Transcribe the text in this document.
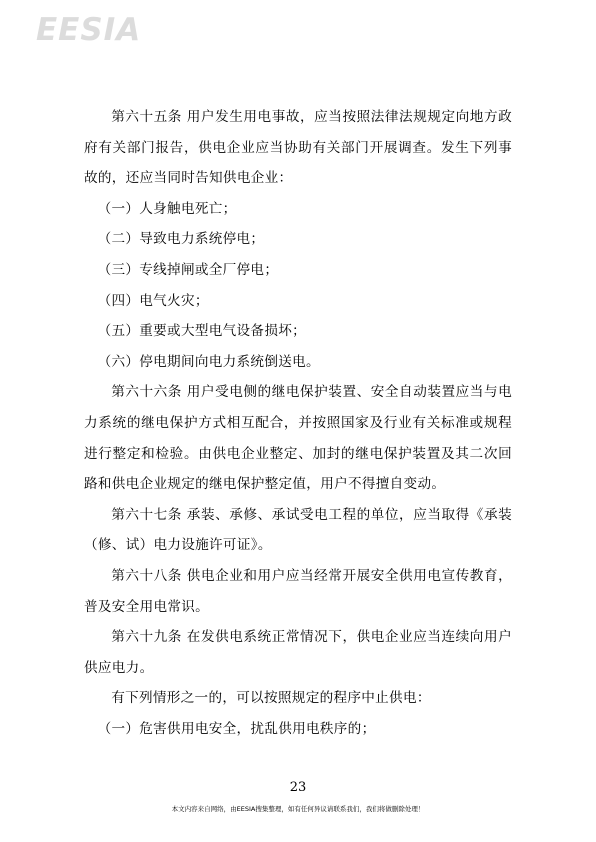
EESIA

第六十五条 用户发生用电事故，应当按照法律法规规定向地方政府有关部门报告，供电企业应当协助有关部门开展调查。发生下列事故的，还应当同时告知供电企业：

（一）人身触电死亡；

（二）导致电力系统停电；

（三）专线掉闸或全厂停电；

（四）电气火灾；

（五）重要或大型电气设备损坏；

（六）停电期间向电力系统倒送电。

第六十六条 用户受电侧的继电保护装置、安全自动装置应当与电力系统的继电保护方式相互配合，并按照国家及行业有关标准或规程进行整定和检验。由供电企业整定、加封的继电保护装置及其二次回路和供电企业规定的继电保护整定值，用户不得擅自变动。

第六十七条 承装、承修、承试受电工程的单位，应当取得《承装（修、试）电力设施许可证》。

第六十八条 供电企业和用户应当经常开展安全供用电宣传教育，普及安全用电常识。

第六十九条 在发供电系统正常情况下，供电企业应当连续向用户供应电力。

有下列情形之一的，可以按照规定的程序中止供电：

（一）危害供用电安全，扰乱供用电秩序的；

23
本文内容来自网络，由EESIA搜集整理，如有任何异议请联系我们，我们将做删除处理！
